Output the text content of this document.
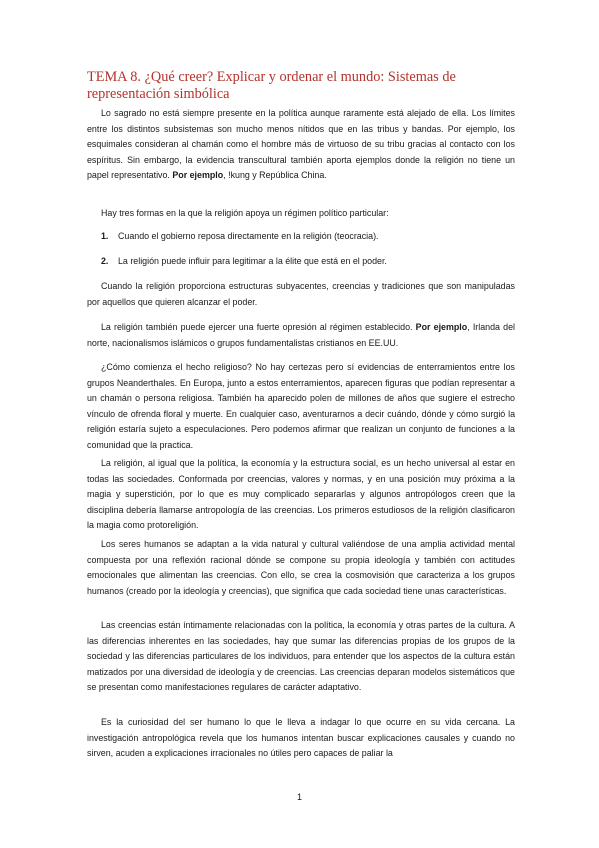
TEMA 8. ¿Qué creer? Explicar y ordenar el mundo: Sistemas de representación simbólica

Lo sagrado no está siempre presente en la política aunque raramente está alejado de ella. Los límites entre los distintos subsistemas son mucho menos nítidos que en las tribus y bandas. Por ejemplo, los esquimales consideran al chamán como el hombre más de virtuoso de su tribu gracias al contacto con los espíritus. Sin embargo, la evidencia transcultural también aporta ejemplos donde la religión no tiene un papel representativo. Por ejemplo, !kung y República China.

Hay tres formas en la que la religión apoya un régimen político particular:

1. Cuando el gobierno reposa directamente en la religión (teocracia).
2. La religión puede influir para legitimar a la élite que está en el poder.

Cuando la religión proporciona estructuras subyacentes, creencias y tradiciones que son manipuladas por aquellos que quieren alcanzar el poder.

La religión también puede ejercer una fuerte opresión al régimen establecido. Por ejemplo, Irlanda del norte, nacionalismos islámicos o grupos fundamentalistas cristianos en EE.UU.

¿Cómo comienza el hecho religioso? No hay certezas pero sí evidencias de enterramientos entre los grupos Neanderthales. En Europa, junto a estos enterramientos, aparecen figuras que podían representar a un chamán o persona religiosa. También ha aparecido polen de millones de años que sugiere el estrecho vínculo de ofrenda floral y muerte. En cualquier caso, aventurarnos a decir cuándo, dónde y cómo surgió la religión estaría sujeto a especulaciones. Pero podemos afirmar que realizan un conjunto de funciones a la comunidad que la practica.

La religión, al igual que la política, la economía y la estructura social, es un hecho universal al estar en todas las sociedades. Conformada por creencias, valores y normas, y en una posición muy próxima a la magia y superstición, por lo que es muy complicado separarlas y algunos antropólogos creen que la disciplina debería llamarse antropología de las creencias. Los primeros estudiosos de la religión clasificaron la magia como protoreligión.

Los seres humanos se adaptan a la vida natural y cultural valiéndose de una amplia actividad mental compuesta por una reflexión racional dónde se compone su propia ideología y también con actitudes emocionales que alimentan las creencias. Con ello, se crea la cosmovisión que caracteriza a los grupos humanos (creado por la ideología y creencias), que significa que cada sociedad tiene unas características.

Las creencias están íntimamente relacionadas con la política, la economía y otras partes de la cultura. A las diferencias inherentes en las sociedades, hay que sumar las diferencias propias de los grupos de la sociedad y las diferencias particulares de los individuos, para entender que los aspectos de la cultura están matizados por una diversidad de ideología y de creencias. Las creencias deparan modelos sistemáticos que se presentan como manifestaciones regulares de carácter adaptativo.

Es la curiosidad del ser humano lo que le lleva a indagar lo que ocurre en su vida cercana. La investigación antropológica revela que los humanos intentan buscar explicaciones causales y cuando no sirven, acuden a explicaciones irracionales no útiles pero capaces de paliar la

1
